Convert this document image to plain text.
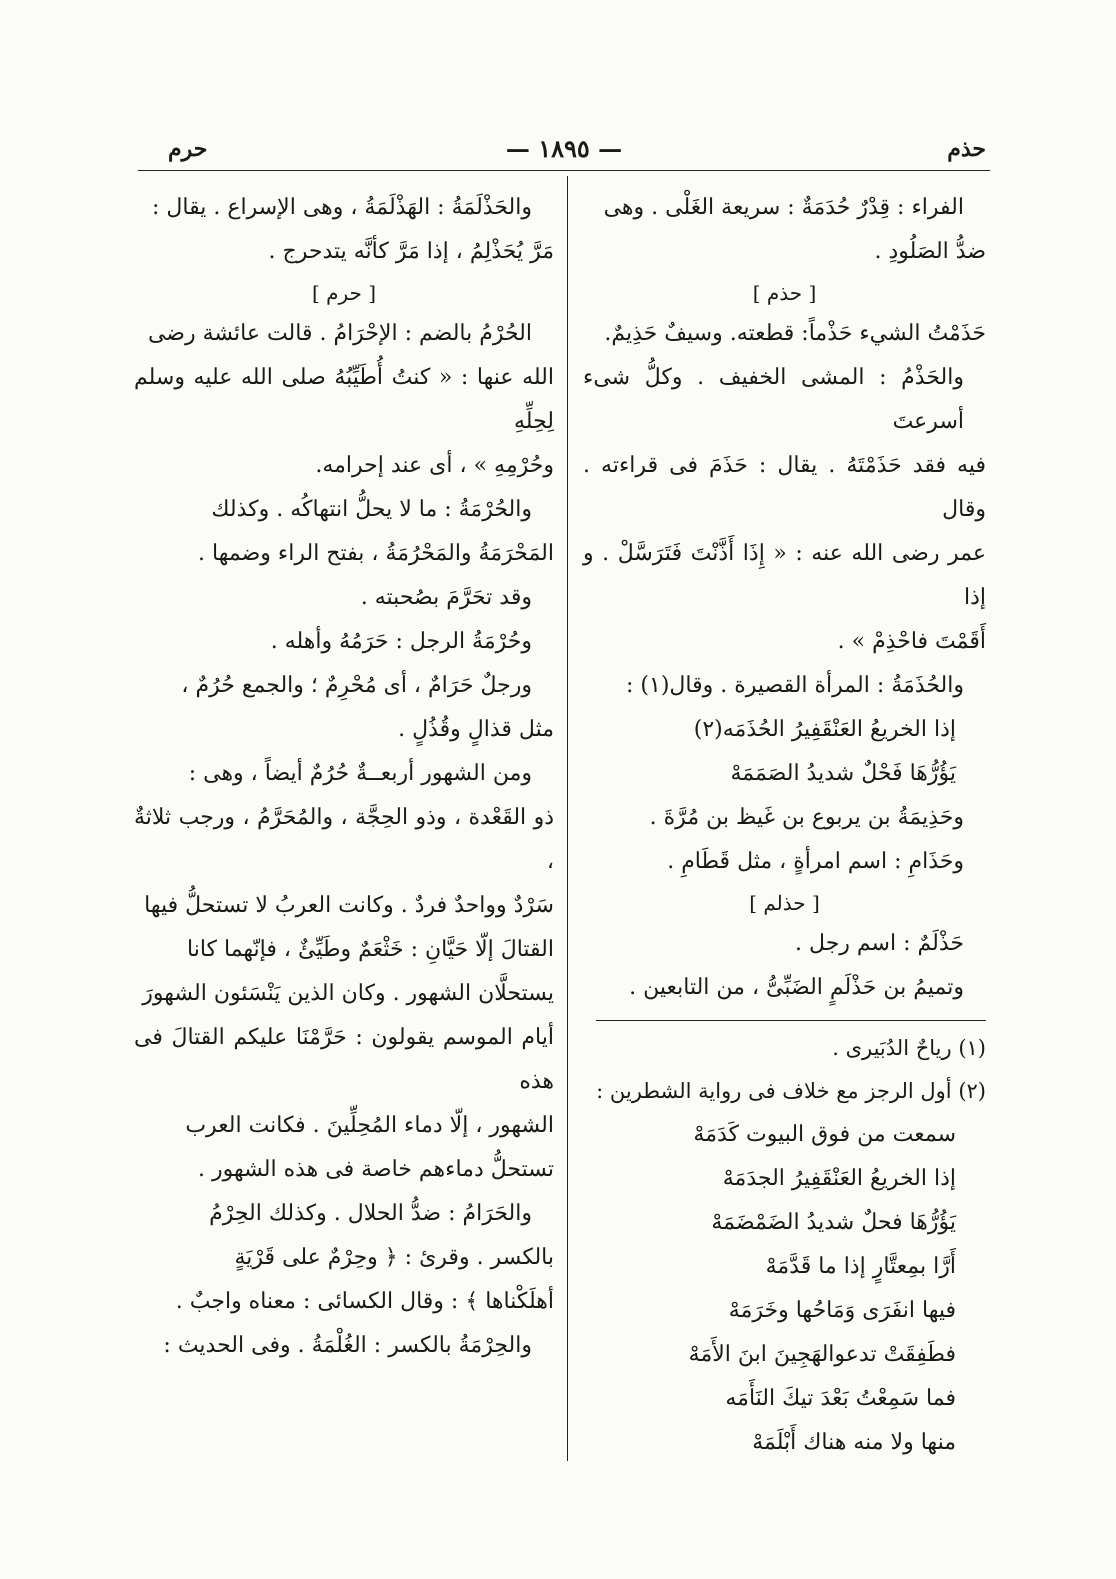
حذم
— ١٨٩٥ —
حرم

الفراء : قِدْرٌ حُدَمَةٌ : سريعة الغَلْى . وهى

ضدُّ الصَلُودِ .

[ حذم ]

حَذَمْتُ الشيء حَذْماً: قطعته. وسيفٌ حَذِيمٌ.

والحَذْمُ : المشى الخفيف . وكلُّ شىء أسرعتَ

فيه فقد حَذَمْتَهُ . يقال : حَذَمَ فى قراءته . وقال

عمر رضى الله عنه : « إِذَا أَذَّنْتَ فَتَرَسَّلْ . و إذا

أَقَمْتَ فاحْذِمْ » .

والحُذَمَةُ : المرأة القصيرة . وقال(١) :

إذا الخريعُ العَنْقَفِيرُ الحُذَمَه(٢)

يَؤُرُّهَا فَحْلٌ شديدُ الصَمَمَهْ

وحَذِيمَةُ بن يربوع بن غَيظ بن مُرَّةَ .

وحَذَامِ : اسم امرأةٍ ، مثل قَطَامِ .

[ حذلم ]

حَذْلَمٌ : اسم رجل .

وتميمُ بن حَذْلَمٍ الضَبِّىُّ ، من التابعين .

(١) رياحٌ الدُبَيرى .

(٢) أول الرجز مع خلاف فى رواية الشطرين :

سمعت من فوق البيوت كَدَمَهْ

إذا الخريعُ العَنْقَفِيرُ الجدَمَهْ

يَؤُرُّهَا فحلٌ شديدُ الضَمْضَمَهْ

أَرَّا بمِعتَّارٍ إذا ما قَدَّمَهْ

فيها انفَرَى وَمَاحُها وخَرَمَهْ

فطَفِقَتْ تدعوالهَجِينَ ابنَ الأَمَهْ

فما سَمِعْتُ بَعْدَ تيكَ النَأَمَه

منها ولا منه هناك أَبْلَمَهْ

والحَذْلَمَةُ : الهَذْلَمَةُ ، وهى الإسراع . يقال :

مَرَّ يُحَذْلِمُ ، إذا مَرَّ كأنَّه يتدحرج .

[ حرم ]

الحُرْمُ بالضم : الإحْرَامُ . قالت عائشة رضى

الله عنها : « كنتُ أُطَيِّبُهُ صلى الله عليه وسلم لِحِلِّهِ

وحُرْمِهِ » ، أى عند إحرامه.

والحُرْمَةُ : ما لا يحلُّ انتهاكُه . وكذلك

المَحْرَمَةُ والمَحْرُمَةُ ، بفتح الراء وضمها .

وقد تحَرَّمَ بصُحبته .

وحُرْمَةُ الرجل : حَرَمُهُ وأهله .

ورجلٌ حَرَامٌ ، أى مُحْرِمٌ ؛ والجمع حُرُمٌ ،

مثل قذالٍ وقُذُلٍ .

ومن الشهور أربعــةٌ حُرُمٌ أيضاً ، وهى :

ذو القَعْدة ، وذو الحِجَّة ، والمُحَرَّمُ ، ورجب ثلاثةٌ ،

سَرْدٌ وواحدٌ فردٌ . وكانت العربُ لا تستحلُّ فيها

القتالَ إلّا حَيَّانِ : خَثْعَمٌ وطَيِّئٌ ، فإنّهما كانا

يستحلَّان الشهور . وكان الذين يَنْسَئون الشهورَ

أيام الموسم يقولون : حَرَّمْنَا عليكم القتالَ فى هذه

الشهور ، إلّا دماء المُحِلِّينَ . فكانت العرب

تستحلُّ دماءهم خاصة فى هذه الشهور .

والحَرَامُ : ضدُّ الحلال . وكذلك الحِرْمُ

بالكسر . وقرئ : ﴿ وحِرْمٌ على قَرْيَةٍ

أهلَكْناها ﴾ : وقال الكسائى : معناه واجبٌ .

والحِرْمَةُ بالكسر : الغُلْمَةُ . وفى الحديث :
